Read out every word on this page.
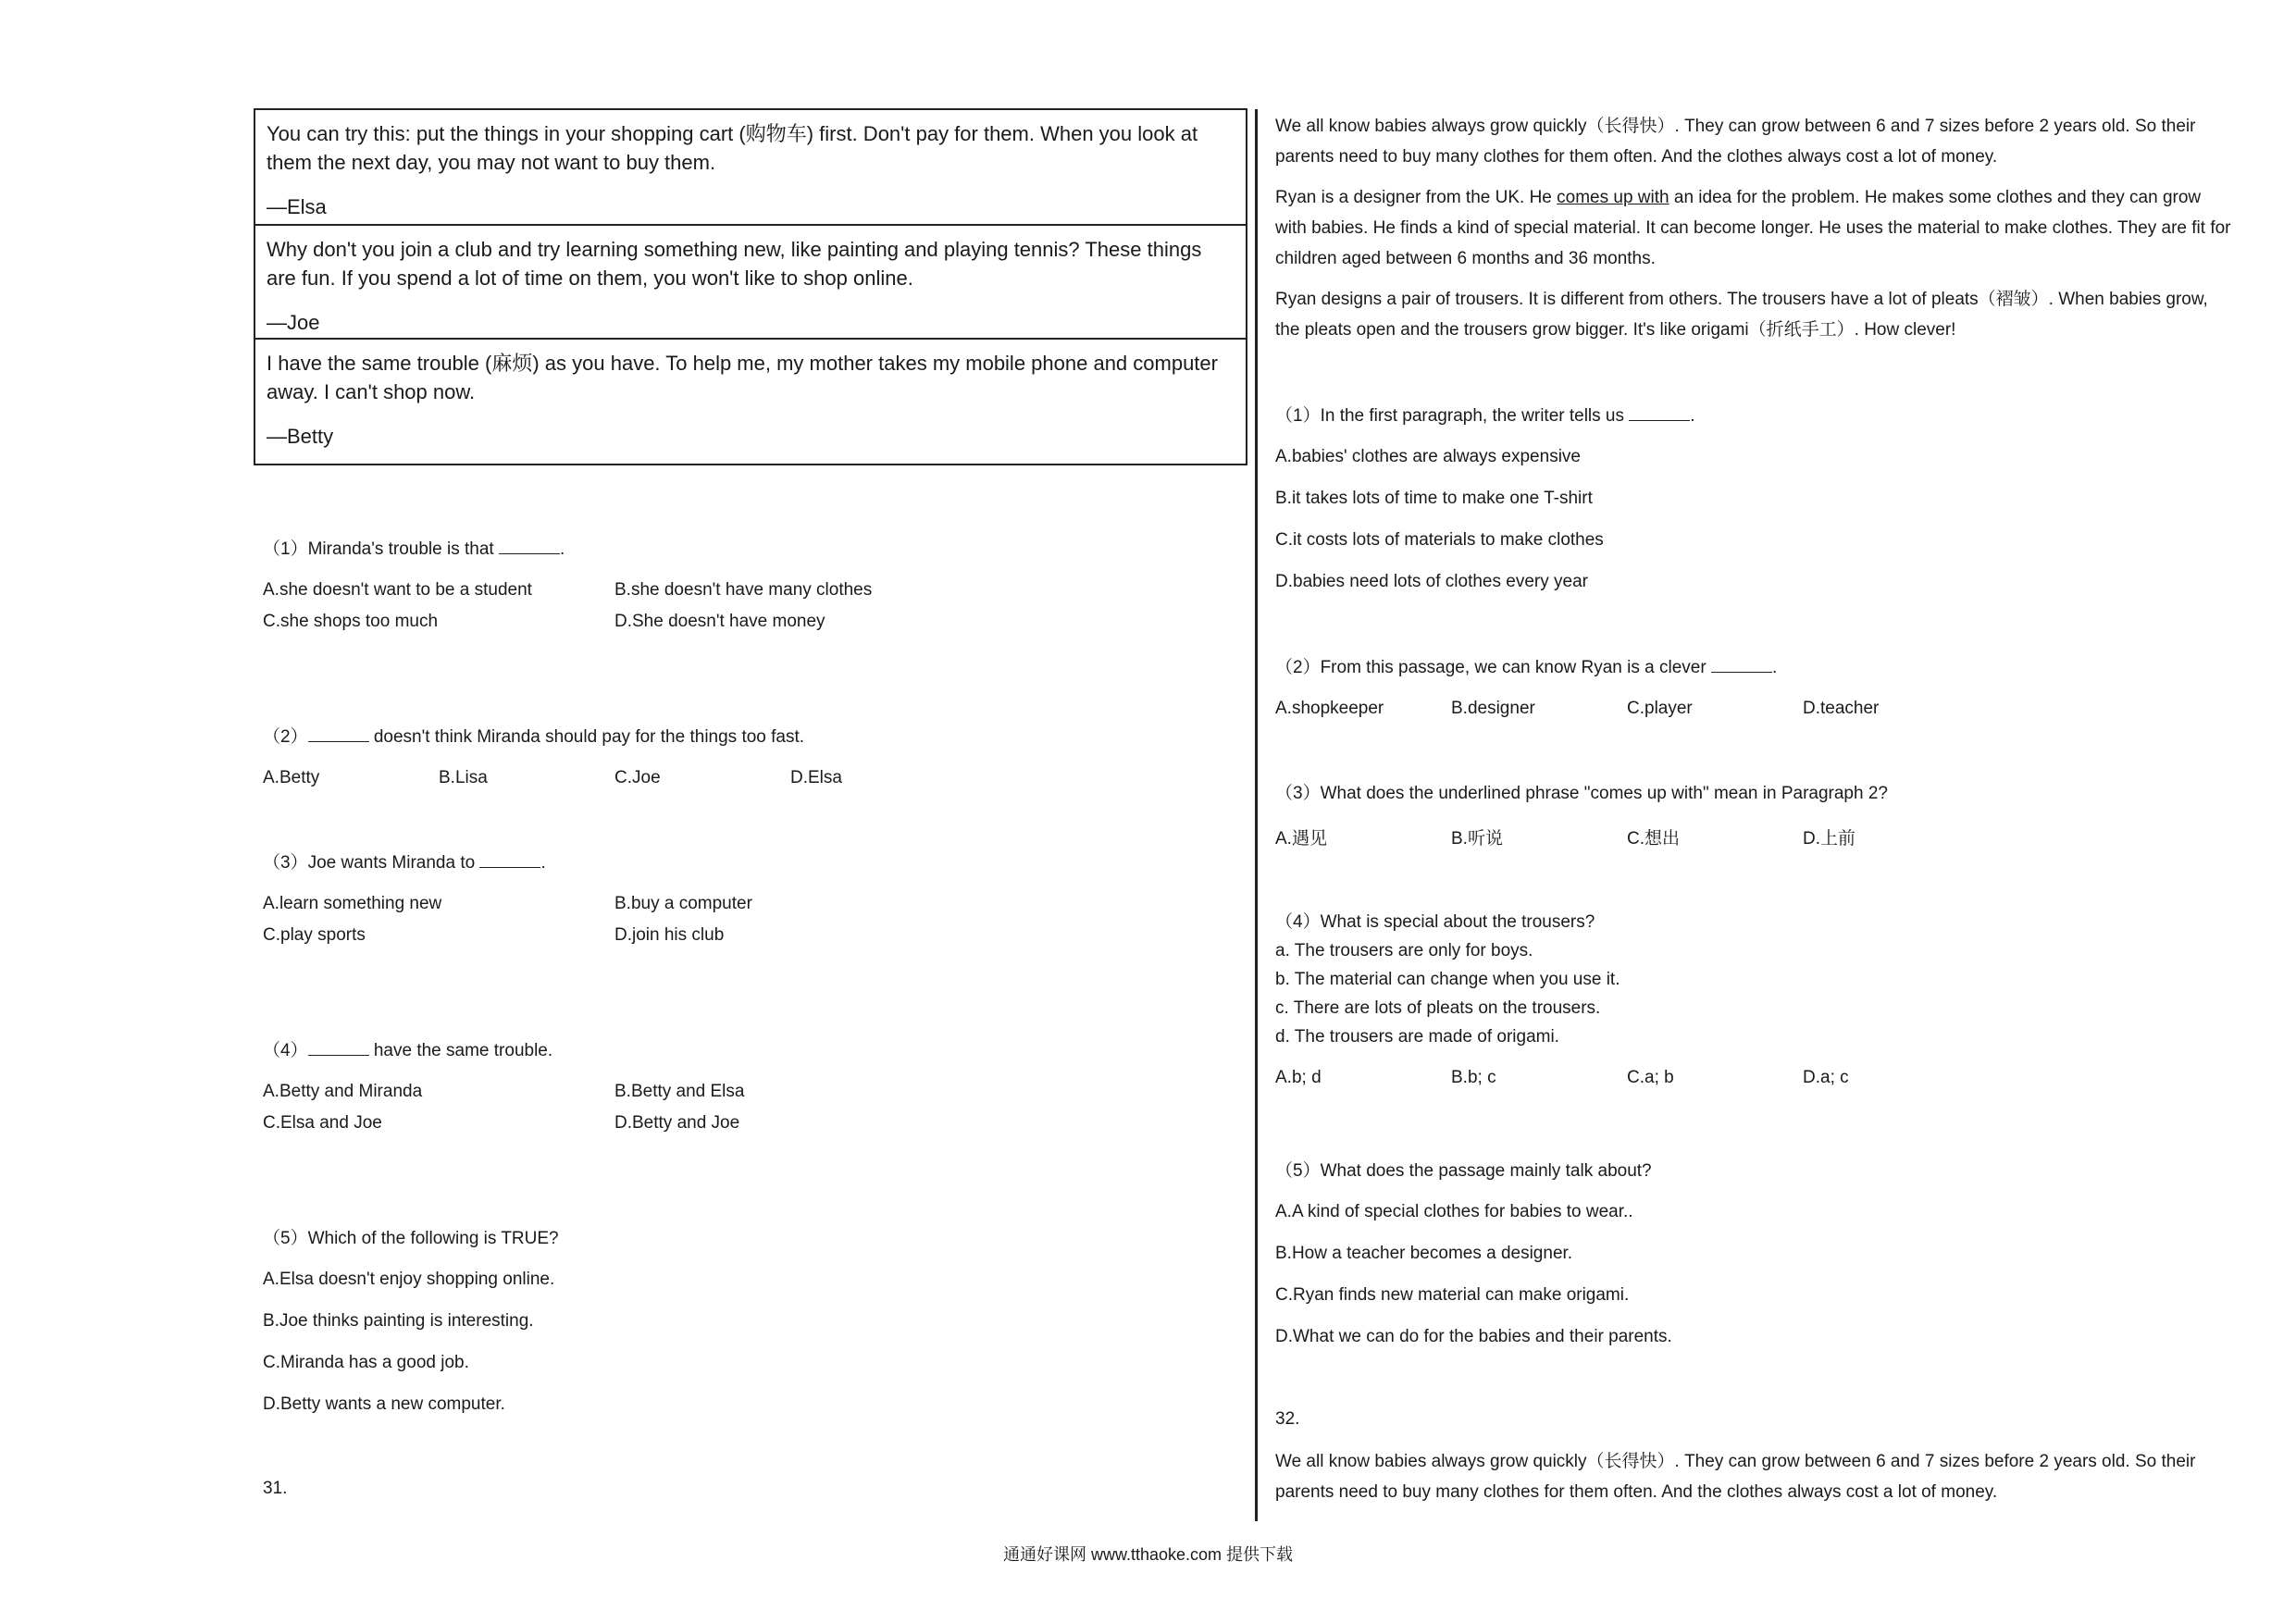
You can try this: put the things in your shopping cart (购物车) first. Don't pay for them. When you look at them the next day, you may not want to buy them.
—Elsa
Why don't you join a club and try learning something new, like painting and playing tennis? These things are fun. If you spend a lot of time on them, you won't like to shop online.
—Joe
I have the same trouble (麻烦) as you have. To help me, my mother takes my mobile phone and computer away. I can't shop now.
—Betty
（1）Miranda's trouble is that	.
A.she doesn't want to be a student	B.she doesn't have many clothes
C.she shops too much	D.She doesn't have money
（2）	doesn't think Miranda should pay for the things too fast.
A.Betty	B.Lisa	C.Joe	D.Elsa
（3）Joe wants Miranda to	.
A.learn something new	B.buy a computer
C.play sports	D.join his club
（4）	have the same trouble.
A.Betty and Miranda	B.Betty and Elsa
C.Elsa and Joe	D.Betty and Joe
（5）Which of the following is TRUE?
A.Elsa doesn't enjoy shopping online.
B.Joe thinks painting is interesting.
C.Miranda has a good job.
D.Betty wants a new computer.
31.
We all know babies always grow quickly（长得快）. They can grow between 6 and 7 sizes before 2 years old. So their parents need to buy many clothes for them often. And the clothes always cost a lot of money.
Ryan is a designer from the UK. He comes up with an idea for the problem. He makes some clothes and they can grow with babies. He finds a kind of special material. It can become longer. He uses the material to make clothes. They are fit for children aged between 6 months and 36 months.
Ryan designs a pair of trousers. It is different from others. The trousers have a lot of pleats（褶皱）. When babies grow, the pleats open and the trousers grow bigger. It's like origami（折纸手工）. How clever!
（1）In the first paragraph, the writer tells us	.
A.babies' clothes are always expensive
B.it takes lots of time to make one T-shirt
C.it costs lots of materials to make clothes
D.babies need lots of clothes every year
（2）From this passage, we can know Ryan is a clever	.
A.shopkeeper	B.designer	C.player	D.teacher
（3）What does the underlined phrase "comes up with" mean in Paragraph 2?
A.遇见	B.听说	C.想出	D.上前
（4）What is special about the trousers?
a. The trousers are only for boys.
b. The material can change when you use it.
c. There are lots of pleats on the trousers.
d. The trousers are made of origami.
A.b; d	B.b; c	C.a; b	D.a; c
（5）What does the passage mainly talk about?
A.A kind of special clothes for babies to wear..
B.How a teacher becomes a designer.
C.Ryan finds new material can make origami.
D.What we can do for the babies and their parents.
32.
We all know babies always grow quickly（长得快）. They can grow between 6 and 7 sizes before 2 years old. So their parents need to buy many clothes for them often. And the clothes always cost a lot of money.
通通好课网 www.tthaoke.com 提供下载
